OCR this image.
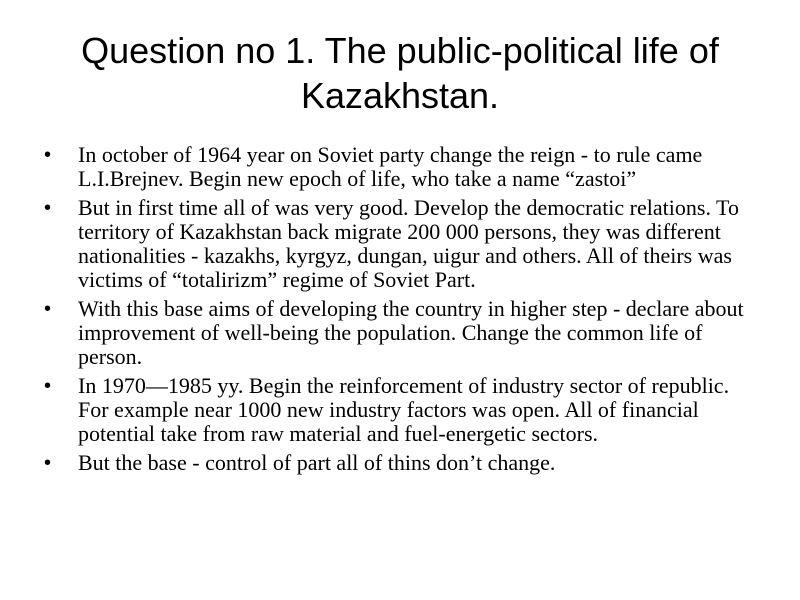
Question no 1. The public-political life of Kazakhstan.
• In october of 1964 year on Soviet party change the reign - to rule came L.I.Brejnev. Begin new epoch of life, who take a name “zastoi”
• But in first time all of was very good. Develop the democratic relations. To territory of Kazakhstan back migrate 200 000 persons, they was different nationalities - kazakhs, kyrgyz, dungan, uigur and others. All of theirs was victims of “totalirizm” regime of Soviet Part.
• With this base aims of developing the country in higher step - declare about improvement of well-being the population. Change the common life of person.
• In 1970—1985 yy. Begin the reinforcement of industry sector of republic. For example near 1000 new industry factors was open. All of financial potential take from raw material and fuel-energetic sectors.
• But the base - control of part all of thins don’t change.
